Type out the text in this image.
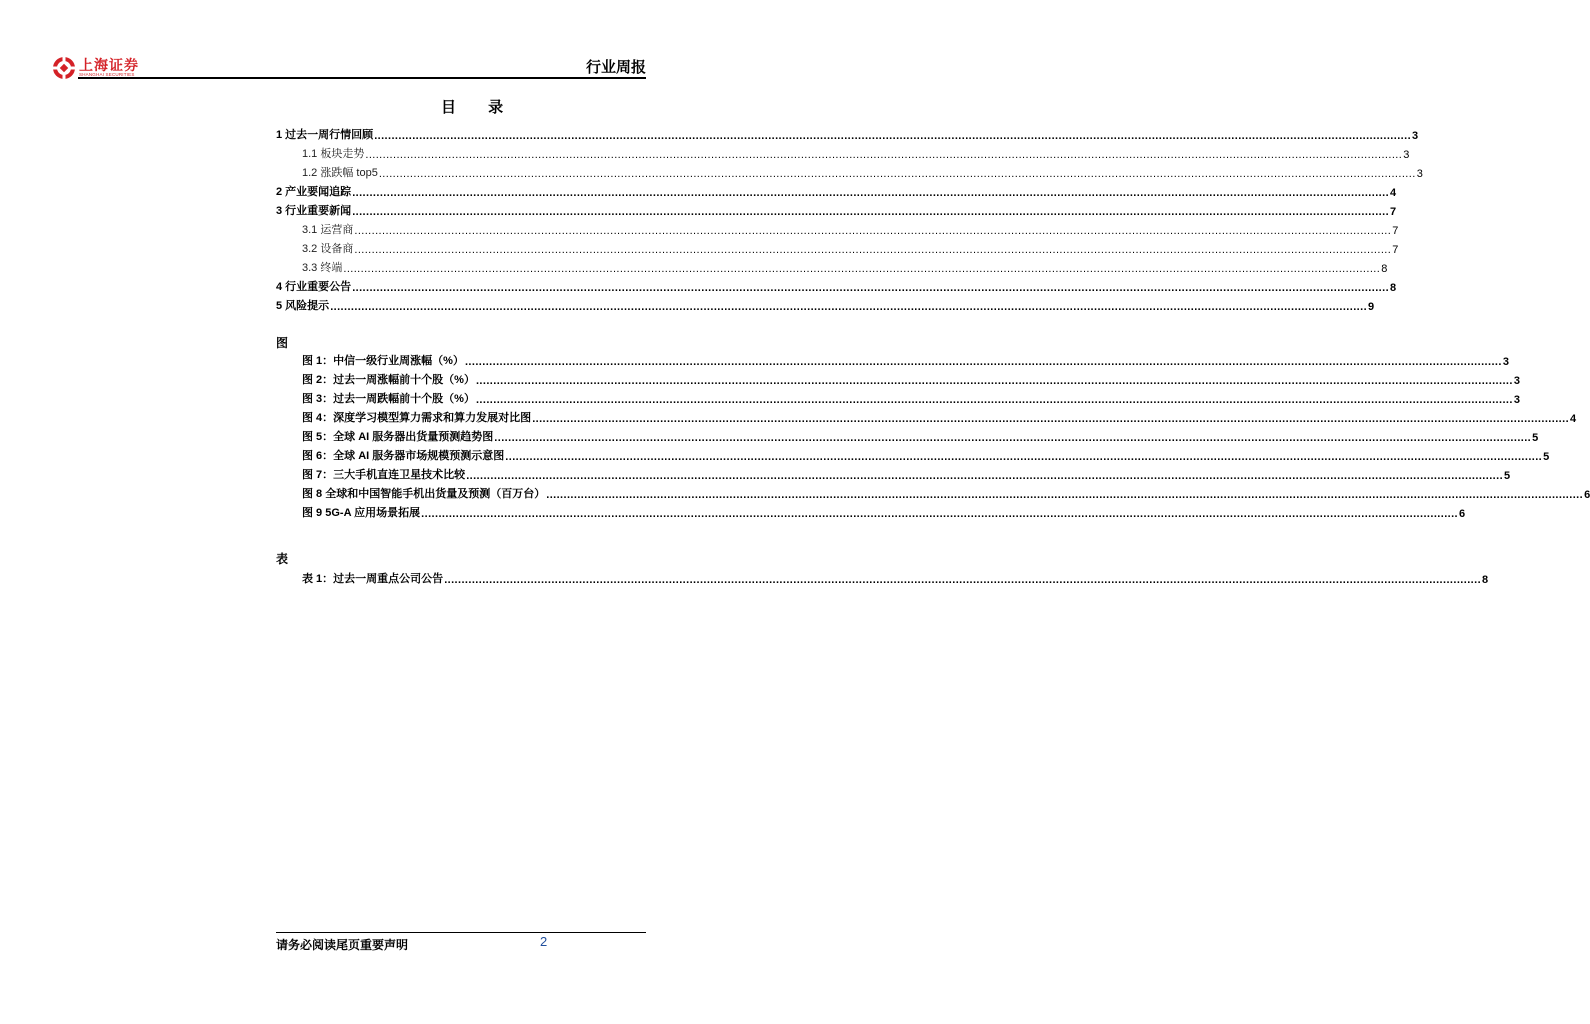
上海证券
SHANGHAI SECURITIES	行业周报
目 录
1 过去一周行情回顾 ............................................................................................................................................................................................................................................................................................................ 3
1.1 板块走势 ............................................................................................................................................................................................................................................................................................................ 3
1.2 涨跌幅 top5 ............................................................................................................................................................................................................................................................................................................ 3
2 产业要闻追踪 ............................................................................................................................................................................................................................................................................................................ 4
3 行业重要新闻 ............................................................................................................................................................................................................................................................................................................ 7
3.1 运营商 ............................................................................................................................................................................................................................................................................................................ 7
3.2 设备商 ............................................................................................................................................................................................................................................................................................................ 7
3.3 终端 ............................................................................................................................................................................................................................................................................................................ 8
4 行业重要公告 ............................................................................................................................................................................................................................................................................................................ 8
5 风险提示 ............................................................................................................................................................................................................................................................................................................ 9
图
图 1：中信一级行业周涨幅（%） ............................................................................................................................................................................................................................................................................................................ 3
图 2：过去一周涨幅前十个股（%） ............................................................................................................................................................................................................................................................................................................ 3
图 3：过去一周跌幅前十个股（%） ............................................................................................................................................................................................................................................................................................................ 3
图 4：深度学习模型算力需求和算力发展对比图 ............................................................................................................................................................................................................................................................................................................ 4
图 5：全球 AI 服务器出货量预测趋势图 ............................................................................................................................................................................................................................................................................................................ 5
图 6：全球 AI 服务器市场规模预测示意图 ............................................................................................................................................................................................................................................................................................................ 5
图 7：三大手机直连卫星技术比较 ............................................................................................................................................................................................................................................................................................................ 5
图 8 全球和中国智能手机出货量及预测（百万台） ............................................................................................................................................................................................................................................................................................................ 6
图 9 5G-A 应用场景拓展 ............................................................................................................................................................................................................................................................................................................ 6
表
表 1：过去一周重点公司公告 ............................................................................................................................................................................................................................................................................................................ 8
请务必阅读尾页重要声明	2
